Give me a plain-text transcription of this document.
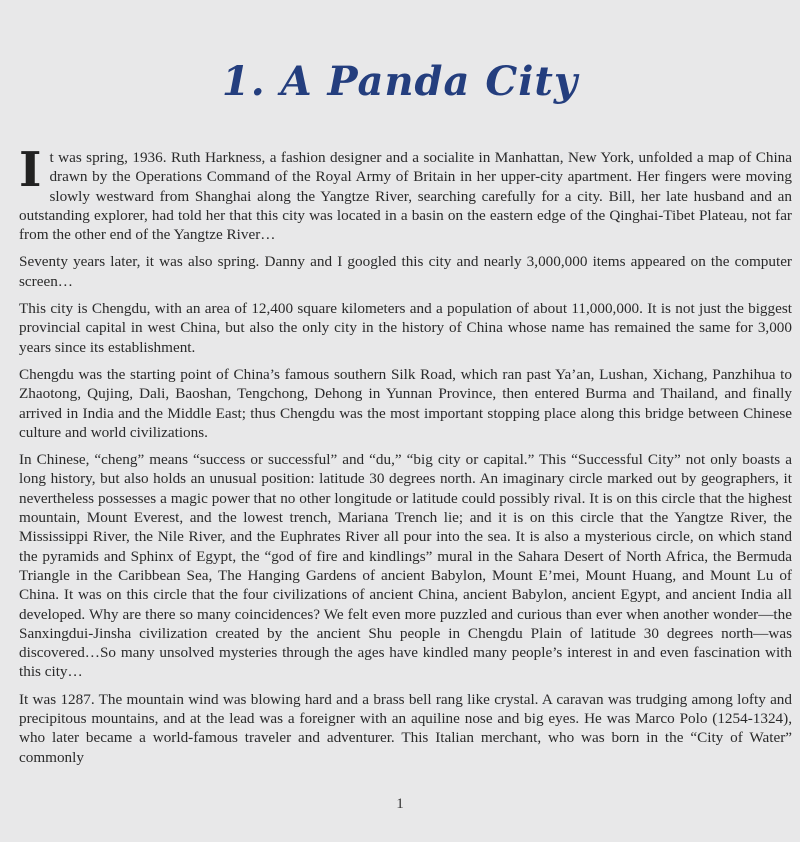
1. A Panda City

It was spring, 1936. Ruth Harkness, a fashion designer and a socialite in Manhattan, New York, unfolded a map of China drawn by the Operations Command of the Royal Army of Britain in her upper-city apartment. Her fingers were moving slowly westward from Shanghai along the Yangtze River, searching carefully for a city. Bill, her late husband and an outstanding explorer, had told her that this city was located in a basin on the eastern edge of the Qinghai-Tibet Plateau, not far from the other end of the Yangtze River…

Seventy years later, it was also spring. Danny and I googled this city and nearly 3,000,000 items appeared on the computer screen…

This city is Chengdu, with an area of 12,400 square kilometers and a population of about 11,000,000. It is not just the biggest provincial capital in west China, but also the only city in the history of China whose name has remained the same for 3,000 years since its establishment.

Chengdu was the starting point of China’s famous southern Silk Road, which ran past Ya’an, Lushan, Xichang, Panzhihua to Zhaotong, Qujing, Dali, Baoshan, Tengchong, Dehong in Yunnan Province, then entered Burma and Thailand, and finally arrived in India and the Middle East; thus Chengdu was the most important stopping place along this bridge between Chinese culture and world civilizations.

In Chinese, “cheng” means “success or successful” and “du,” “big city or capital.” This “Successful City” not only boasts a long history, but also holds an unusual position: latitude 30 degrees north. An imaginary circle marked out by geographers, it nevertheless possesses a magic power that no other longitude or latitude could possibly rival. It is on this circle that the highest mountain, Mount Everest, and the lowest trench, Mariana Trench lie; and it is on this circle that the Yangtze River, the Mississippi River, the Nile River, and the Euphrates River all pour into the sea. It is also a mysterious circle, on which stand the pyramids and Sphinx of Egypt, the “god of fire and kindlings” mural in the Sahara Desert of North Africa, the Bermuda Triangle in the Caribbean Sea, The Hanging Gardens of ancient Babylon, Mount E’mei, Mount Huang, and Mount Lu of China. It was on this circle that the four civilizations of ancient China, ancient Babylon, ancient Egypt, and ancient India all developed. Why are there so many coincidences? We felt even more puzzled and curious than ever when another wonder—the Sanxingdui-Jinsha civilization created by the ancient Shu people in Chengdu Plain of latitude 30 degrees north—was discovered…So many unsolved mysteries through the ages have kindled many people’s interest in and even fascination with this city…

It was 1287. The mountain wind was blowing hard and a brass bell rang like crystal. A caravan was trudging among lofty and precipitous mountains, and at the lead was a foreigner with an aquiline nose and big eyes. He was Marco Polo (1254-1324), who later became a world-famous traveler and adventurer. This Italian merchant, who was born in the “City of Water” commonly

1
